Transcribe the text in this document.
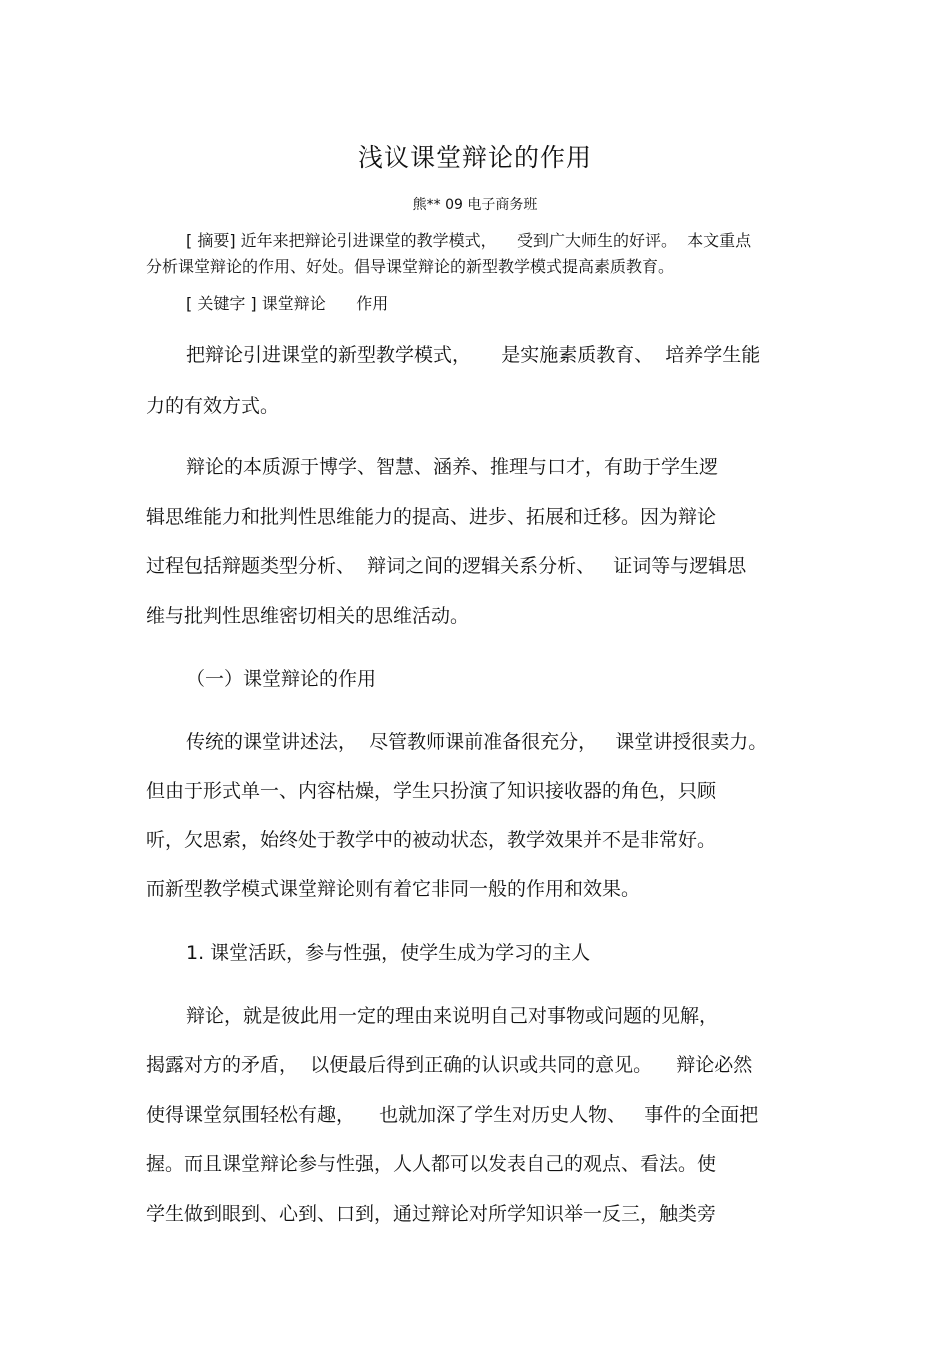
浅议课堂辩论的作用
熊** 09 电子商务班
[ 摘要] 近年来把辩论引进课堂的教学模式，    受到广大师生的好评。  本文重点
分析课堂辩论的作用、好处。倡导课堂辩论的新型教学模式提高素质教育。
[ 关键字 ] 课堂辩论      作用
把辩论引进课堂的新型教学模式，     是实施素质教育、  培养学生能
力的有效方式。
辩论的本质源于博学、智慧、涵养、推理与口才，有助于学生逻
辑思维能力和批判性思维能力的提高、进步、拓展和迁移。因为辩论
过程包括辩题类型分析、  辩词之间的逻辑关系分析、   证词等与逻辑思
维与批判性思维密切相关的思维活动。
（一）课堂辩论的作用
传统的课堂讲述法，  尽管教师课前准备很充分，   课堂讲授很卖力。
但由于形式单一、内容枯燥，学生只扮演了知识接收器的角色，只顾
听，欠思索，始终处于教学中的被动状态，教学效果并不是非常好。
而新型教学模式课堂辩论则有着它非同一般的作用和效果。
1. 课堂活跃，参与性强，使学生成为学习的主人
辩论，就是彼此用一定的理由来说明自己对事物或问题的见解，
揭露对方的矛盾，  以便最后得到正确的认识或共同的意见。    辩论必然
使得课堂氛围轻松有趣，    也就加深了学生对历史人物、   事件的全面把
握。而且课堂辩论参与性强，人人都可以发表自己的观点、看法。使
学生做到眼到、心到、口到，通过辩论对所学知识举一反三，触类旁
